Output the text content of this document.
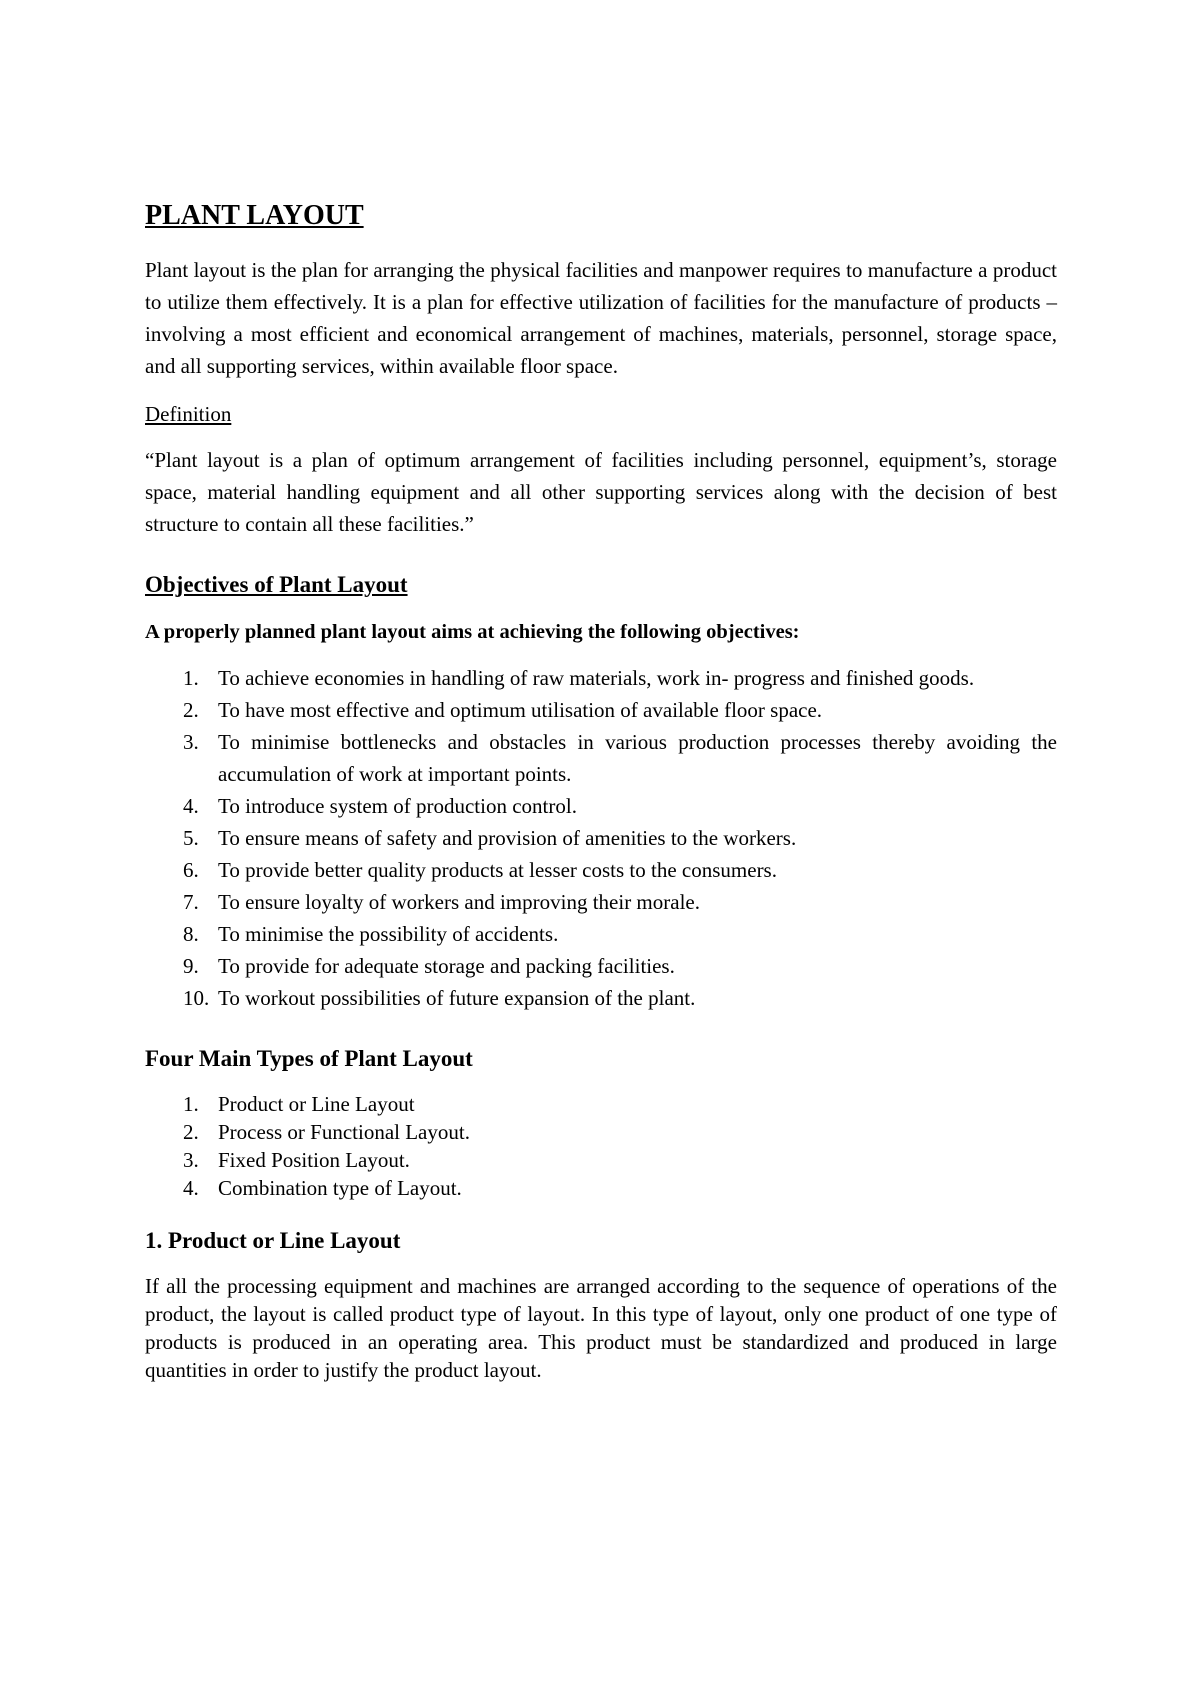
PLANT LAYOUT

Plant layout is the plan for arranging the physical facilities and manpower requires to manufacture a product to utilize them effectively. It is a plan for effective utilization of facilities for the manufacture of products – involving a most efficient and economical arrangement of machines, materials, personnel, storage space, and all supporting services, within available floor space.

Definition

“Plant layout is a plan of optimum arrangement of facilities including personnel, equipment’s, storage space, material handling equipment and all other supporting services along with the decision of best structure to contain all these facilities.”

Objectives of Plant Layout
A properly planned plant layout aims at achieving the following objectives:
1. To achieve economies in handling of raw materials, work in- progress and finished goods.
2. To have most effective and optimum utilisation of available floor space.
3. To minimise bottlenecks and obstacles in various production processes thereby avoiding the accumulation of work at important points.
4. To introduce system of production control.
5. To ensure means of safety and provision of amenities to the workers.
6. To provide better quality products at lesser costs to the consumers.
7. To ensure loyalty of workers and improving their morale.
8. To minimise the possibility of accidents.
9. To provide for adequate storage and packing facilities.
10. To workout possibilities of future expansion of the plant.
Four Main Types of Plant Layout
1. Product or Line Layout
2. Process or Functional Layout.
3. Fixed Position Layout.
4. Combination type of Layout.
1. Product or Line Layout

If all the processing equipment and machines are arranged according to the sequence of operations of the product, the layout is called product type of layout. In this type of layout, only one product of one type of products is produced in an operating area. This product must be standardized and produced in large quantities in order to justify the product layout.
